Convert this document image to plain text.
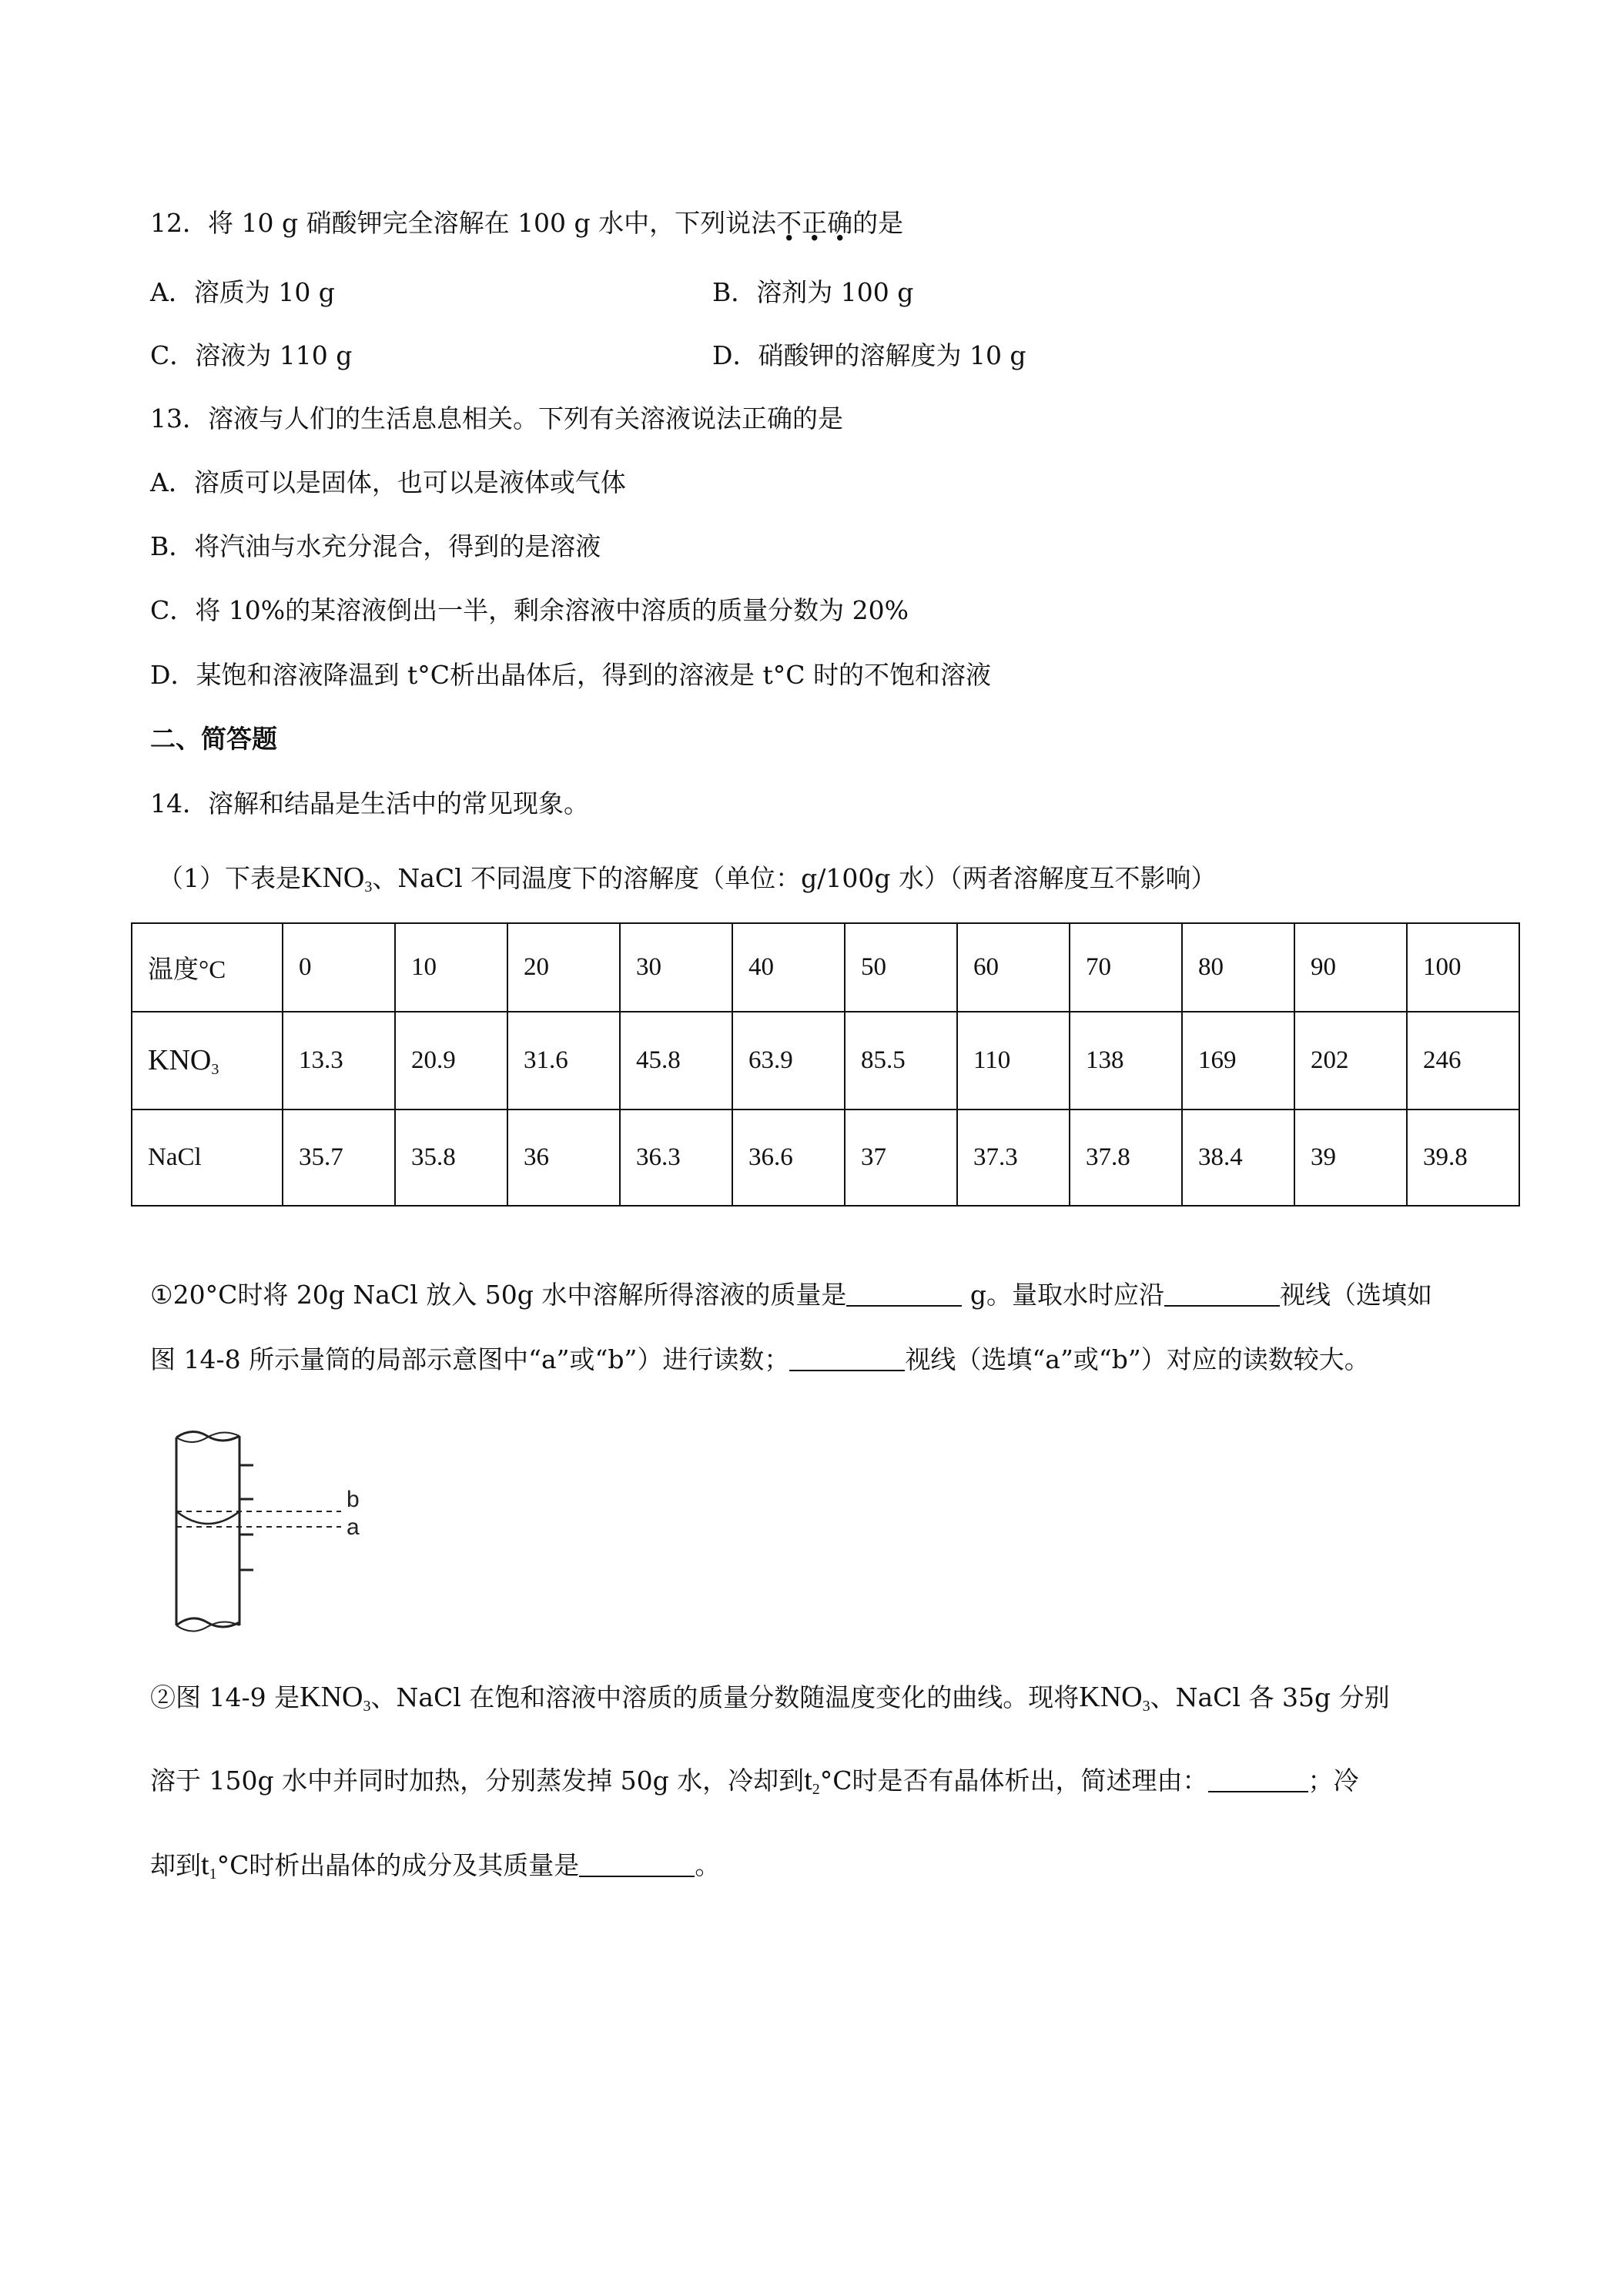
12．将 10 g 硝酸钾完全溶解在 100 g 水中，下列说法不正确的是
A．溶质为 10 g	B．溶剂为 100 g
C．溶液为 110 g	D．硝酸钾的溶解度为 10 g
13．溶液与人们的生活息息相关。下列有关溶液说法正确的是
A．溶质可以是固体，也可以是液体或气体
B．将汽油与水充分混合，得到的是溶液
C．将 10%的某溶液倒出一半，剩余溶液中溶质的质量分数为 20%
D．某饱和溶液降温到 t°C析出晶体后，得到的溶液是 t°C 时的不饱和溶液
二、简答题
14．溶解和结晶是生活中的常见现象。
（1）下表是$KNO_3$、NaCl 不同温度下的溶解度（单位：g/100g 水）（两者溶解度互不影响）
温度°C	0	10	20	30	40	50	60	70	80	90	100
$KNO_3$	13.3	20.9	31.6	45.8	63.9	85.5	110	138	169	202	246
NaCl	35.7	35.8	36	36.3	36.6	37	37.3	37.8	38.4	39	39.8
①20°C时将 20g NaCl 放入 50g 水中溶解所得溶液的质量是	g。量取水时应沿	视线（选填如
图 14-8 所示量筒的局部示意图中“a”或“b”）进行读数；	视线（选填“a”或“b”）对应的读数较大。
b
a
②图 14-9 是$KNO_3$、NaCl 在饱和溶液中溶质的质量分数随温度变化的曲线。现将$KNO_3$、NaCl 各 35g 分别
溶于 150g 水中并同时加热，分别蒸发掉 50g 水，冷却到$t_2^\circ C$时是否有晶体析出，简述理由：	；冷
却到$t_1^\circ C$时析出晶体的成分及其质量是	。
